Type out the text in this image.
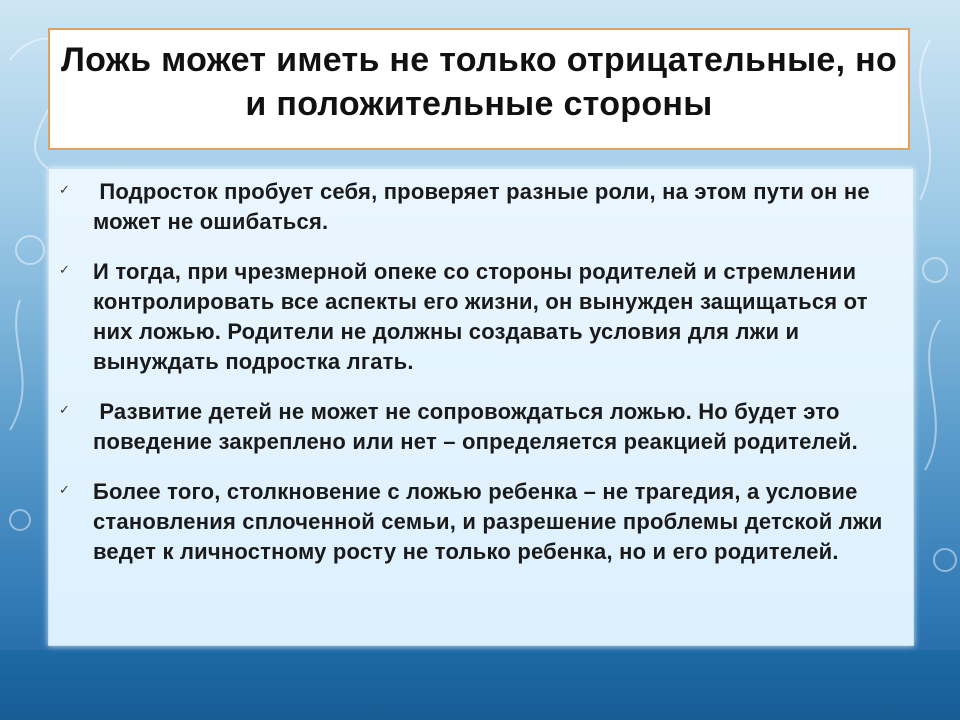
Ложь может иметь не только отрицательные, но и положительные стороны
✓ Подросток пробует себя, проверяет разные роли, на этом пути он не может не ошибаться.
✓ И тогда, при чрезмерной опеке со стороны родителей и стремлении контролировать все аспекты его жизни, он вынужден защищаться от них ложью. Родители не должны создавать условия для лжи и вынуждать подростка лгать.
✓ Развитие детей не может не сопровождаться ложью. Но будет это поведение закреплено или нет – определяется реакцией родителей.
✓ Более того, столкновение с ложью ребенка – не трагедия, а условие становления сплоченной семьи, и разрешение проблемы детской лжи ведет к личностному росту не только ребенка, но и его родителей.
